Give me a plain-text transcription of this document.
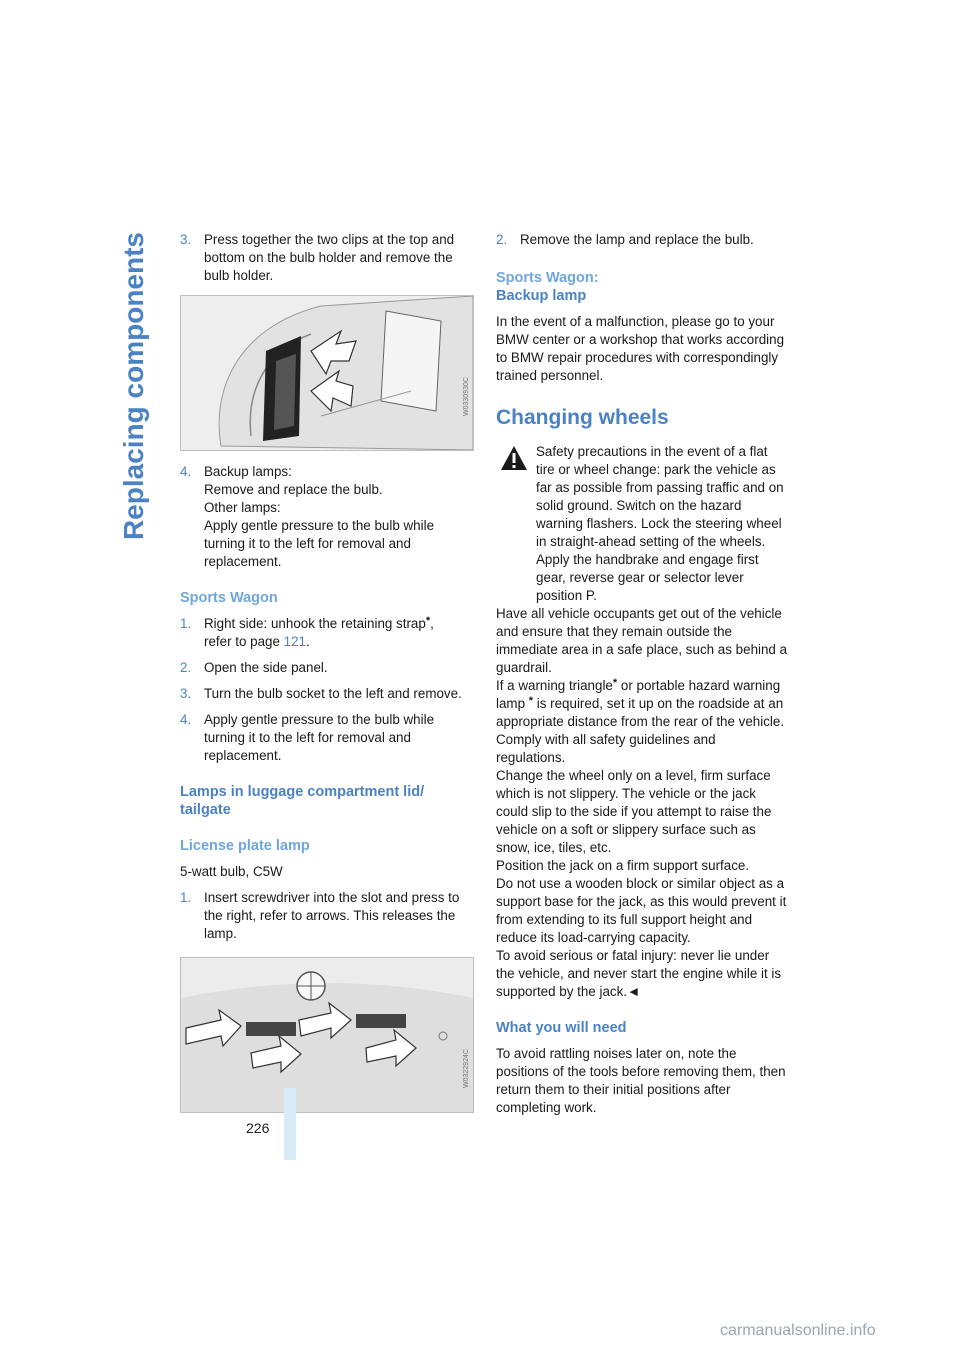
Replacing components 3. Press together the two clips at the top and bottom on the bulb holder and remove the bulb holder.
W0330930C
4. Backup lamps:
Remove and replace the bulb.
Other lamps:
Apply gentle pressure to the bulb while turning it to the left for removal and replacement.
Sports Wagon
1. Right side: unhook the retaining strap*,
refer to page 121.
2. Open the side panel.
3. Turn the bulb socket to the left and remove.
4. Apply gentle pressure to the bulb while turning it to the left for removal and replacement.
Lamps in luggage compartment lid/ tailgate
License plate lamp

5-watt bulb, C5W

1. Insert screwdriver into the slot and press to the right, refer to arrows. This releases the lamp.
W0322924C
2. Remove the lamp and replace the bulb.
Sports Wagon:
Backup lamp

In the event of a malfunction, please go to your BMW center or a workshop that works according to BMW repair procedures with correspondingly trained personnel.

Changing wheels

Safety precautions in the event of a flat tire or wheel change: park the vehicle as far as possible from passing traffic and on solid ground. Switch on the hazard warning flashers. Lock the steering wheel in straight-ahead setting of the wheels. Apply the handbrake and engage first gear, reverse gear or selector lever position P.

Have all vehicle occupants get out of the vehicle and ensure that they remain outside the immediate area in a safe place, such as behind a guardrail.

If a warning triangle* or portable hazard warning lamp * is required, set it up on the roadside at an appropriate distance from the rear of the vehicle. Comply with all safety guidelines and regulations.

Change the wheel only on a level, firm surface which is not slippery. The vehicle or the jack could slip to the side if you attempt to raise the vehicle on a soft or slippery surface such as snow, ice, tiles, etc.

Position the jack on a firm support surface.

Do not use a wooden block or similar object as a support base for the jack, as this would prevent it from extending to its full support height and reduce its load-carrying capacity.

To avoid serious or fatal injury: never lie under the vehicle, and never start the engine while it is supported by the jack.◄

What you will need

To avoid rattling noises later on, note the positions of the tools before removing them, then return them to their initial positions after completing work.

226
carmanualsonline.info
